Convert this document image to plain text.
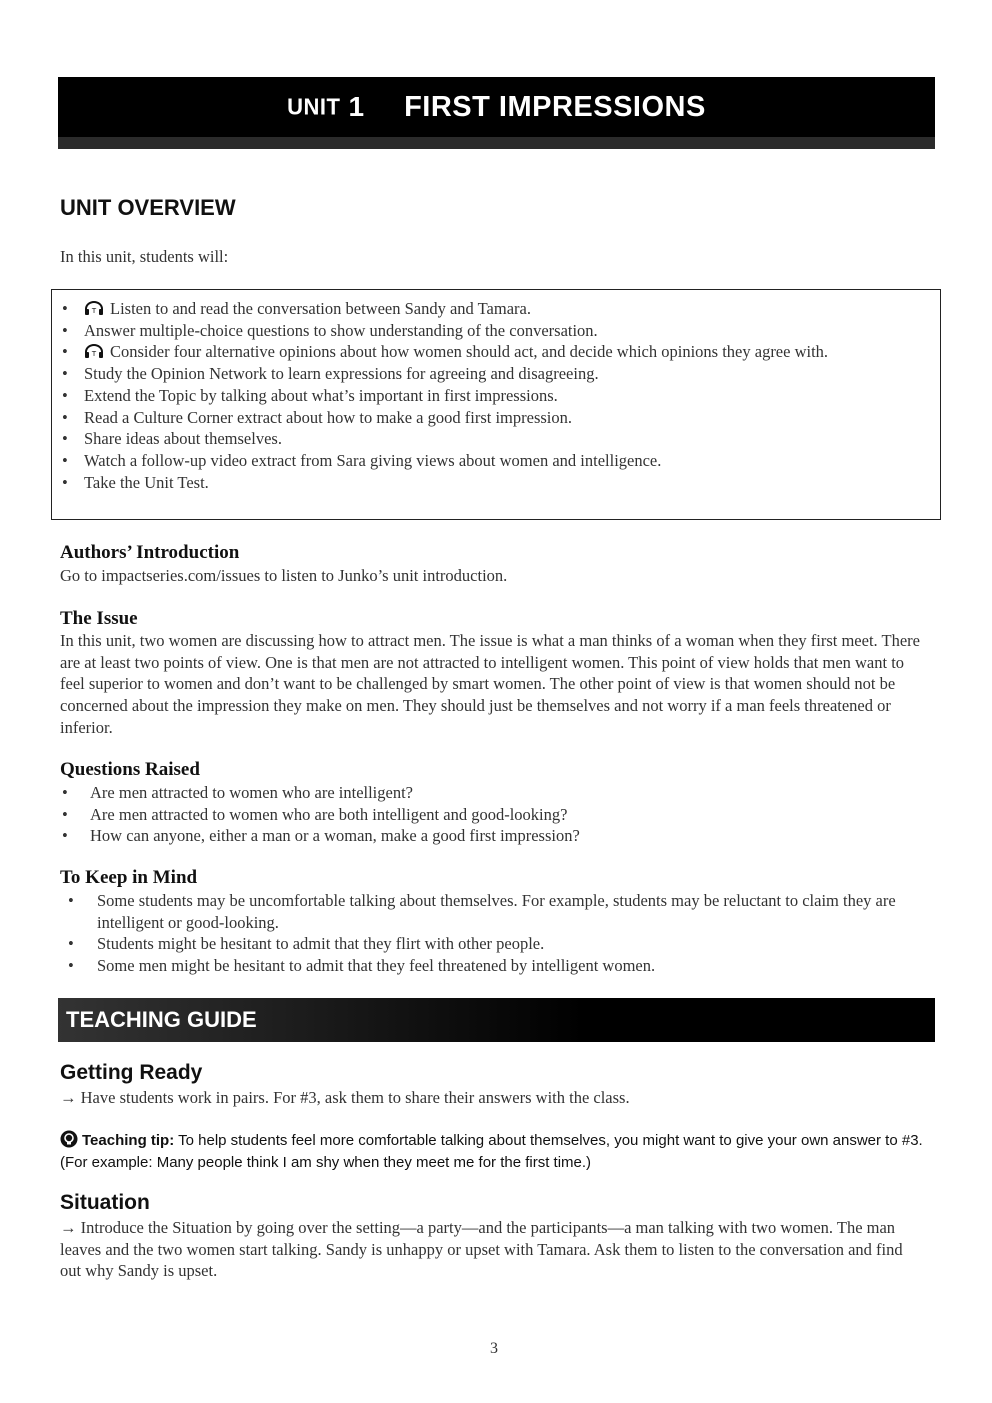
UNIT 1 FIRST IMPRESSIONS
UNIT OVERVIEW

In this unit, students will:

• T Listen to and read the conversation between Sandy and Tamara.
• Answer multiple-choice questions to show understanding of the conversation.
• T Consider four alternative opinions about how women should act, and decide which opinions they agree with.
• Study the Opinion Network to learn expressions for agreeing and disagreeing.
• Extend the Topic by talking about what’s important in first impressions.
• Read a Culture Corner extract about how to make a good first impression.
• Share ideas about themselves.
• Watch a follow-up video extract from Sara giving views about women and intelligence.
• Take the Unit Test.
Authors’ Introduction

Go to impactseries.com/issues to listen to Junko’s unit introduction.

The Issue

In this unit, two women are discussing how to attract men. The issue is what a man thinks of a woman when they first meet. There are at least two points of view. One is that men are not attracted to intelligent women. This point of view holds that men want to feel superior to women and don’t want to be challenged by smart women. The other point of view is that women should not be concerned about the impression they make on men. They should just be themselves and not worry if a man feels threatened or inferior.

Questions Raised
• Are men attracted to women who are intelligent?
• Are men attracted to women who are both intelligent and good-looking?
• How can anyone, either a man or a woman, make a good first impression?
To Keep in Mind
• Some students may be uncomfortable talking about themselves. For example, students may be reluctant to claim they are intelligent or good-looking.
• Students might be hesitant to admit that they flirt with other people.
• Some men might be hesitant to admit that they feel threatened by intelligent women.
TEACHING GUIDE
Getting Ready

→ Have students work in pairs. For #3, ask them to share their answers with the class.

Teaching tip: To help students feel more comfortable talking about themselves, you might want to give your own answer to #3. (For example: Many people think I am shy when they meet me for the first time.)

Situation

→ Introduce the Situation by going over the setting—a party—and the participants—a man talking with two women. The man leaves and the two women start talking. Sandy is unhappy or upset with Tamara. Ask them to listen to the conversation and find out why Sandy is upset.

3
